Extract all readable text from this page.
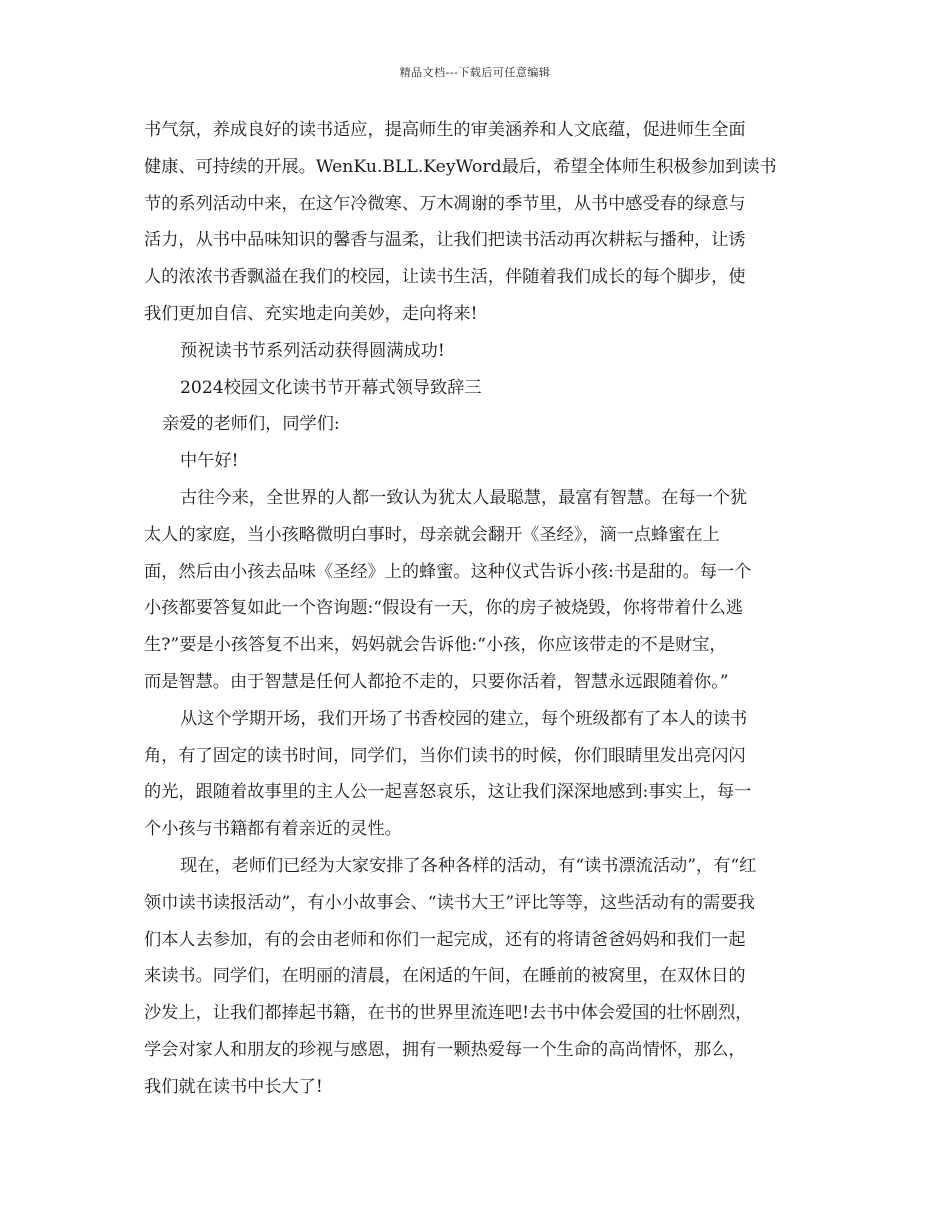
精品文档---下载后可任意编辑
书气氛，养成良好的读书适应，提高师生的审美涵养和人文底蕴，促进师生全面
健康、可持续的开展。WenKu.BLL.KeyWord最后，希望全体师生积极参加到读书
节的系列活动中来，在这乍冷微寒、万木凋谢的季节里，从书中感受春的绿意与
活力，从书中品味知识的馨香与温柔，让我们把读书活动再次耕耘与播种，让诱
人的浓浓书香飘溢在我们的校园，让读书生活，伴随着我们成长的每个脚步，使
我们更加自信、充实地走向美妙，走向将来!
预祝读书节系列活动获得圆满成功!
2024校园文化读书节开幕式领导致辞三
亲爱的老师们，同学们:
中午好!
古往今来，全世界的人都一致认为犹太人最聪慧，最富有智慧。在每一个犹
太人的家庭，当小孩略微明白事时，母亲就会翻开《圣经》，滴一点蜂蜜在上
面，然后由小孩去品味《圣经》上的蜂蜜。这种仪式告诉小孩:书是甜的。每一个
小孩都要答复如此一个咨询题:“假设有一天，你的房子被烧毁，你将带着什么逃
生?”要是小孩答复不出来，妈妈就会告诉他:“小孩，你应该带走的不是财宝，
而是智慧。由于智慧是任何人都抢不走的，只要你活着，智慧永远跟随着你。”
从这个学期开场，我们开场了书香校园的建立，每个班级都有了本人的读书
角，有了固定的读书时间，同学们，当你们读书的时候，你们眼睛里发出亮闪闪
的光，跟随着故事里的主人公一起喜怒哀乐，这让我们深深地感到:事实上，每一
个小孩与书籍都有着亲近的灵性。
现在，老师们已经为大家安排了各种各样的活动，有“读书漂流活动”，有“红
领巾读书读报活动”，有小小故事会、“读书大王”评比等等，这些活动有的需要我
们本人去参加，有的会由老师和你们一起完成，还有的将请爸爸妈妈和我们一起
来读书。同学们，在明丽的清晨，在闲适的午间，在睡前的被窝里，在双休日的
沙发上，让我们都捧起书籍，在书的世界里流连吧!去书中体会爱国的壮怀剧烈，
学会对家人和朋友的珍视与感恩，拥有一颗热爱每一个生命的高尚情怀，那么，
我们就在读书中长大了!
